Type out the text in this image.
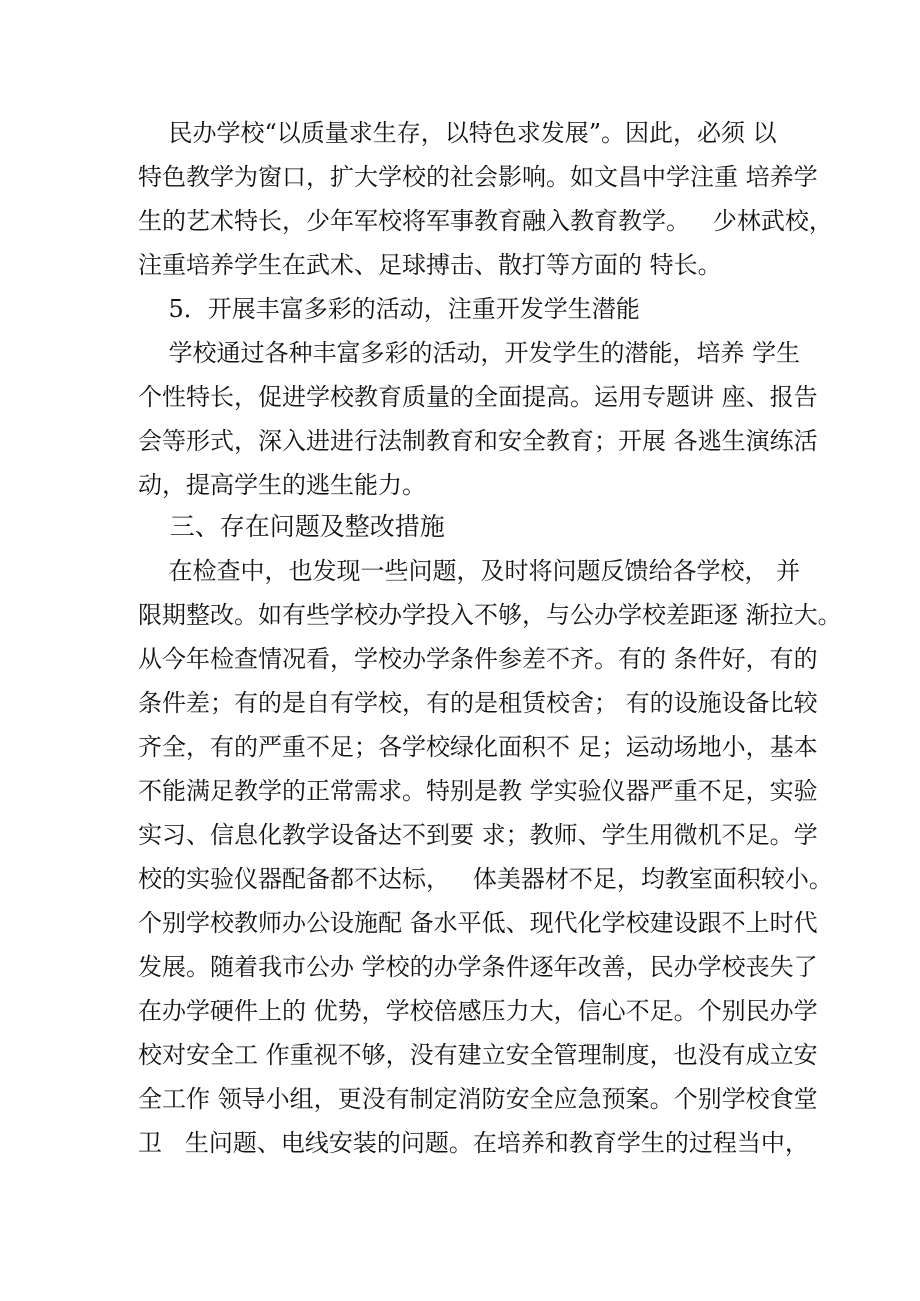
民办学校“以质量求生存，以特色求发展”。因此，必须 以
特色教学为窗口，扩大学校的社会影响。如文昌中学注重 培养学
生的艺术特长，少年军校将军事教育融入教育教学。   少林武校，
注重培养学生在武术、足球搏击、散打等方面的 特长。
5．开展丰富多彩的活动，注重开发学生潜能
学校通过各种丰富多彩的活动，开发学生的潜能，培养 学生
个性特长，促进学校教育质量的全面提高。运用专题讲 座、报告
会等形式，深入进进行法制教育和安全教育；开展 各逃生演练活
动，提高学生的逃生能力。
三、存在问题及整改措施
在检查中，也发现一些问题，及时将问题反馈给各学校， 并
限期整改。如有些学校办学投入不够，与公办学校差距逐 渐拉大。
从今年检查情况看，学校办学条件参差不齐。有的 条件好，有的
条件差；有的是自有学校，有的是租赁校舍； 有的设施设备比较
齐全，有的严重不足；各学校绿化面积不 足；运动场地小，基本
不能满足教学的正常需求。特别是教 学实验仪器严重不足，实验
实习、信息化教学设备达不到要 求；教师、学生用微机不足。学
校的实验仪器配备都不达标，   体美器材不足，均教室面积较小。
个别学校教师办公设施配 备水平低、现代化学校建设跟不上时代
发展。随着我市公办 学校的办学条件逐年改善，民办学校丧失了
在办学硬件上的 优势，学校倍感压力大，信心不足。个别民办学
校对安全工 作重视不够，没有建立安全管理制度，也没有成立安
全工作 领导小组，更没有制定消防安全应急预案。个别学校食堂
卫   生问题、电线安装的问题。在培养和教育学生的过程当中，
